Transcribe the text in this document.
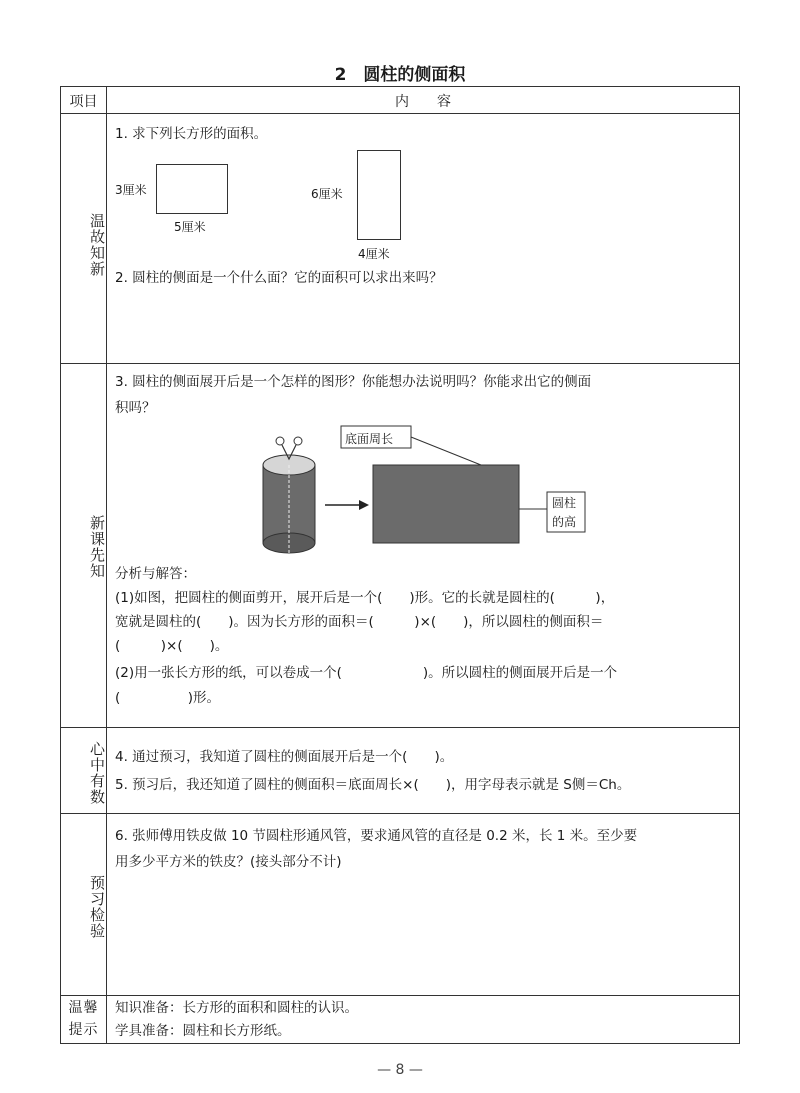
2　圆柱的侧面积
项目	内　　容
温故知新
新课先知
心中有数
预习检验
温馨提示
1. 求下列长方形的面积。
3厘米
5厘米
6厘米
4厘米
2. 圆柱的侧面是一个什么面？它的面积可以求出来吗？
3. 圆柱的侧面展开后是一个怎样的图形？你能想办法说明吗？你能求出它的侧面
积吗？
底面周长
圆柱
的高
分析与解答：
(1)如图，把圆柱的侧面剪开，展开后是一个(　　)形。它的长就是圆柱的(　　　)，
宽就是圆柱的(　　)。因为长方形的面积＝(　　　)×(　　)，所以圆柱的侧面积＝
(　　　)×(　　)。
(2)用一张长方形的纸，可以卷成一个(　　　　　　)。所以圆柱的侧面展开后是一个
(　　　　　)形。
4. 通过预习，我知道了圆柱的侧面展开后是一个(　　)。
5. 预习后，我还知道了圆柱的侧面积＝底面周长×(　　)，用字母表示就是 S侧＝Ch。
6. 张师傅用铁皮做 10 节圆柱形通风管，要求通风管的直径是 0.2 米，长 1 米。至少要
用多少平方米的铁皮？(接头部分不计)
知识准备：长方形的面积和圆柱的认识。
学具准备：圆柱和长方形纸。
— 8 —
